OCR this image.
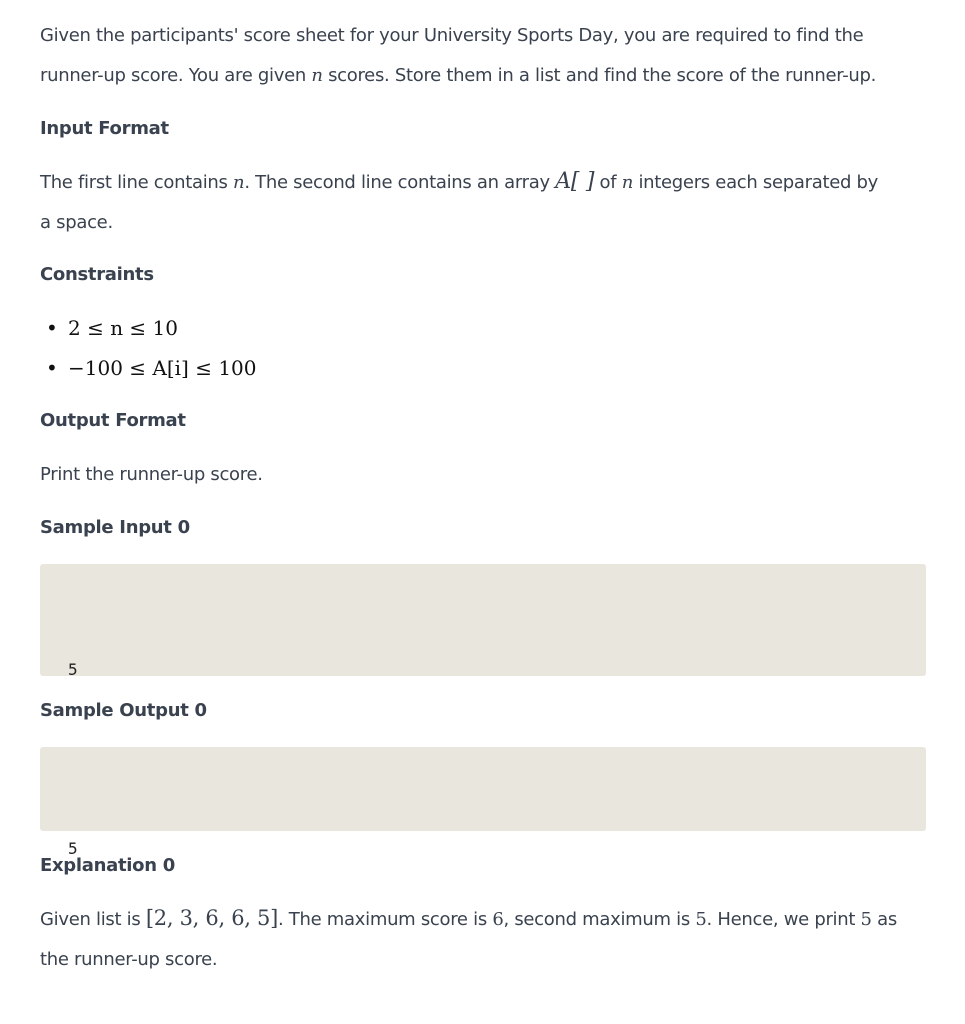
Given the participants' score sheet for your University Sports Day, you are required to find the

runner-up score. You are given n scores. Store them in a list and find the score of the runner-up.

Input Format

The first line contains n. The second line contains an array A[ ] of n integers each separated by

a space.

Constraints
• 2 ≤ n ≤ 10
• −100 ≤ A[i] ≤ 100
Output Format

Print the runner-up score.

Sample Input 0

5

Sample Output 0

5

Explanation 0

Given list is [2, 3, 6, 6, 5]. The maximum score is 6, second maximum is 5. Hence, we print 5 as

the runner-up score.
